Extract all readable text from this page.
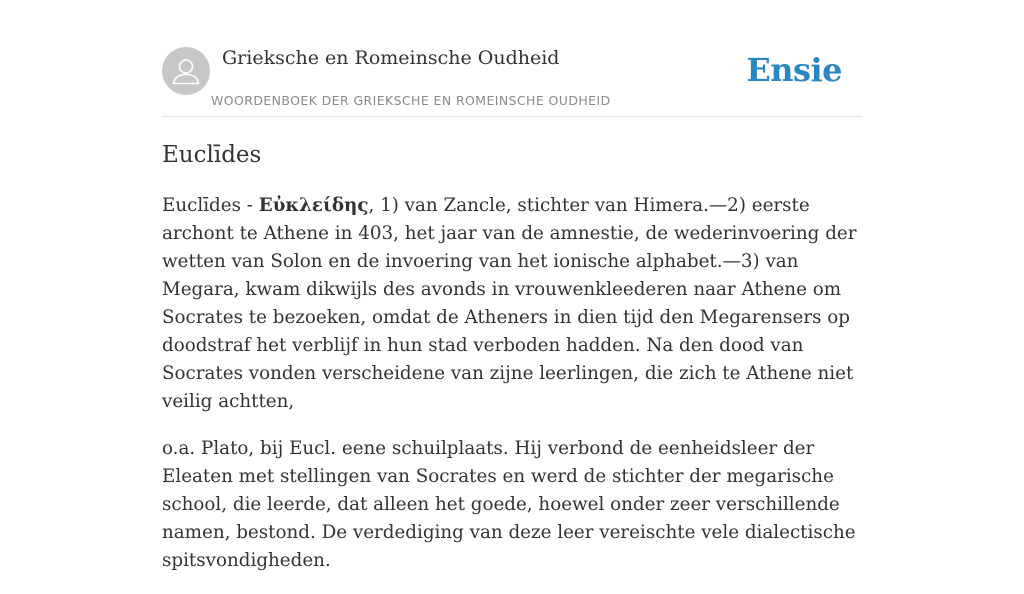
Grieksche en Romeinsche Oudheid
WOORDENBOEK DER GRIEKSCHE EN ROMEINSCHE OUDHEID
Ensie
Euclīdes

Euclīdes - Εὐκλείδης, 1) van Zancle, stichter van Himera.—2) eerste archont te Athene in 403, het jaar van de amnestie, de wederinvoering der wetten van Solon en de invoering van het ionische alphabet.—3) van Megara, kwam dikwijls des avonds in vrouwenkleederen naar Athene om Socrates te bezoeken, omdat de Atheners in dien tijd den Megarensers op doodstraf het verblijf in hun stad verboden hadden. Na den dood van Socrates vonden verscheidene van zijne leerlingen, die zich te Athene niet veilig achtten,

o.a. Plato, bij Eucl. eene schuilplaats. Hij verbond de eenheidsleer der Eleaten met stellingen van Socrates en werd de stichter der megarische school, die leerde, dat alleen het goede, hoewel onder zeer verschillende namen, bestond. De verdediging van deze leer vereischte vele dialectische spitsvondigheden.
